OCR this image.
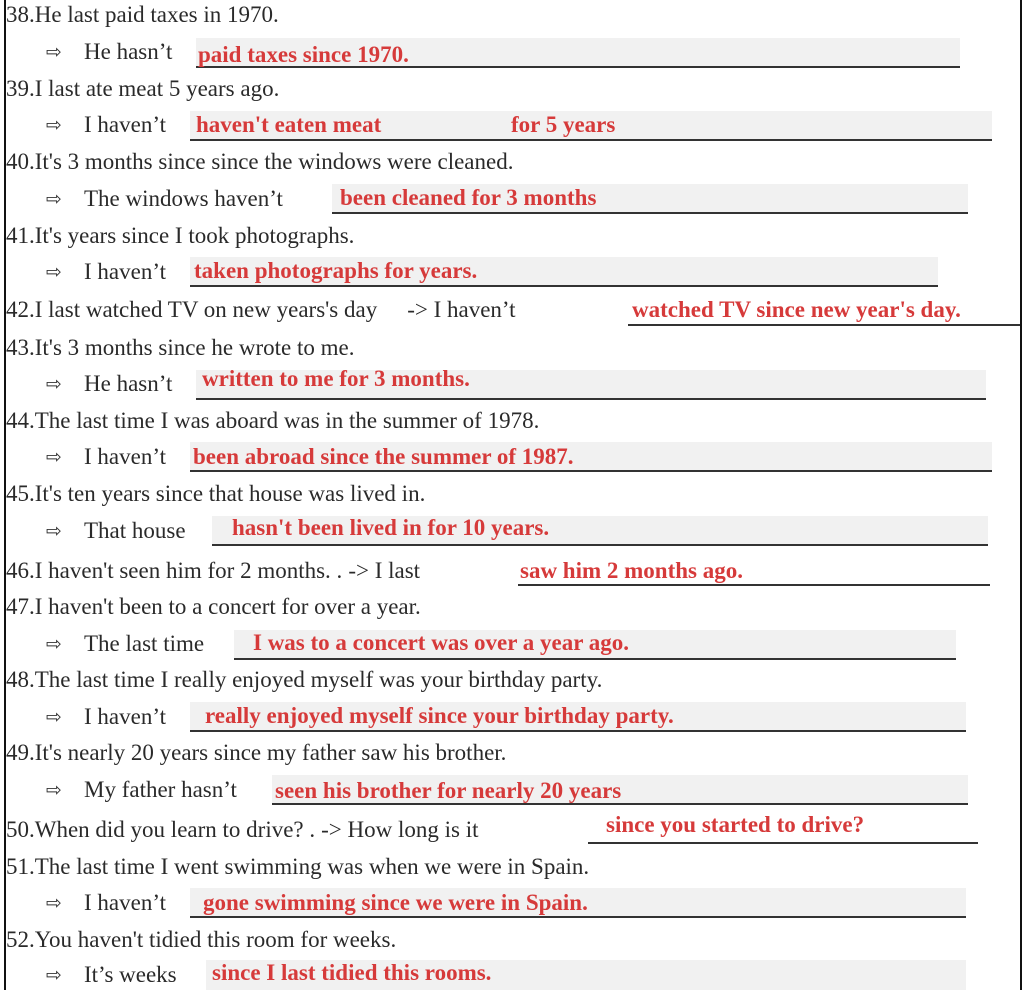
38.He last paid taxes in 1970.
⇨ He hasn’t paid taxes since 1970.
39.I last ate meat 5 years ago.
⇨ I haven’t haven't eaten meat	for 5 years
40.It's 3 months since since the windows were cleaned.
⇨ The windows haven’t been cleaned for 3 months
41.It's years since I took photographs.
⇨ I haven’t taken photographs for years.
42.I last watched TV on new years's day -> I haven’t	watched TV since new year's day.
43.It's 3 months since he wrote to me.
⇨ He hasn’t written to me for 3 months.
44.The last time I was aboard was in the summer of 1978.
⇨ I haven’t been abroad since the summer of 1987.
45.It's ten years since that house was lived in.
⇨ That house hasn't been lived in for 10 years.
46.I haven't seen him for 2 months. . -> I last	saw him 2 months ago.
47.I haven't been to a concert for over a year.
⇨ The last time I was to a concert was over a year ago.
48.The last time I really enjoyed myself was your birthday party.
⇨ I haven’t really enjoyed myself since your birthday party.
49.It's nearly 20 years since my father saw his brother.
⇨ My father hasn’t seen his brother for nearly 20 years
50.When did you learn to drive? . -> How long is it	since you started to drive?
51.The last time I went swimming was when we were in Spain.
⇨ I haven’t gone swimming since we were in Spain.
52.You haven't tidied this room for weeks.
⇨ It’s weeks since I last tidied this rooms.
